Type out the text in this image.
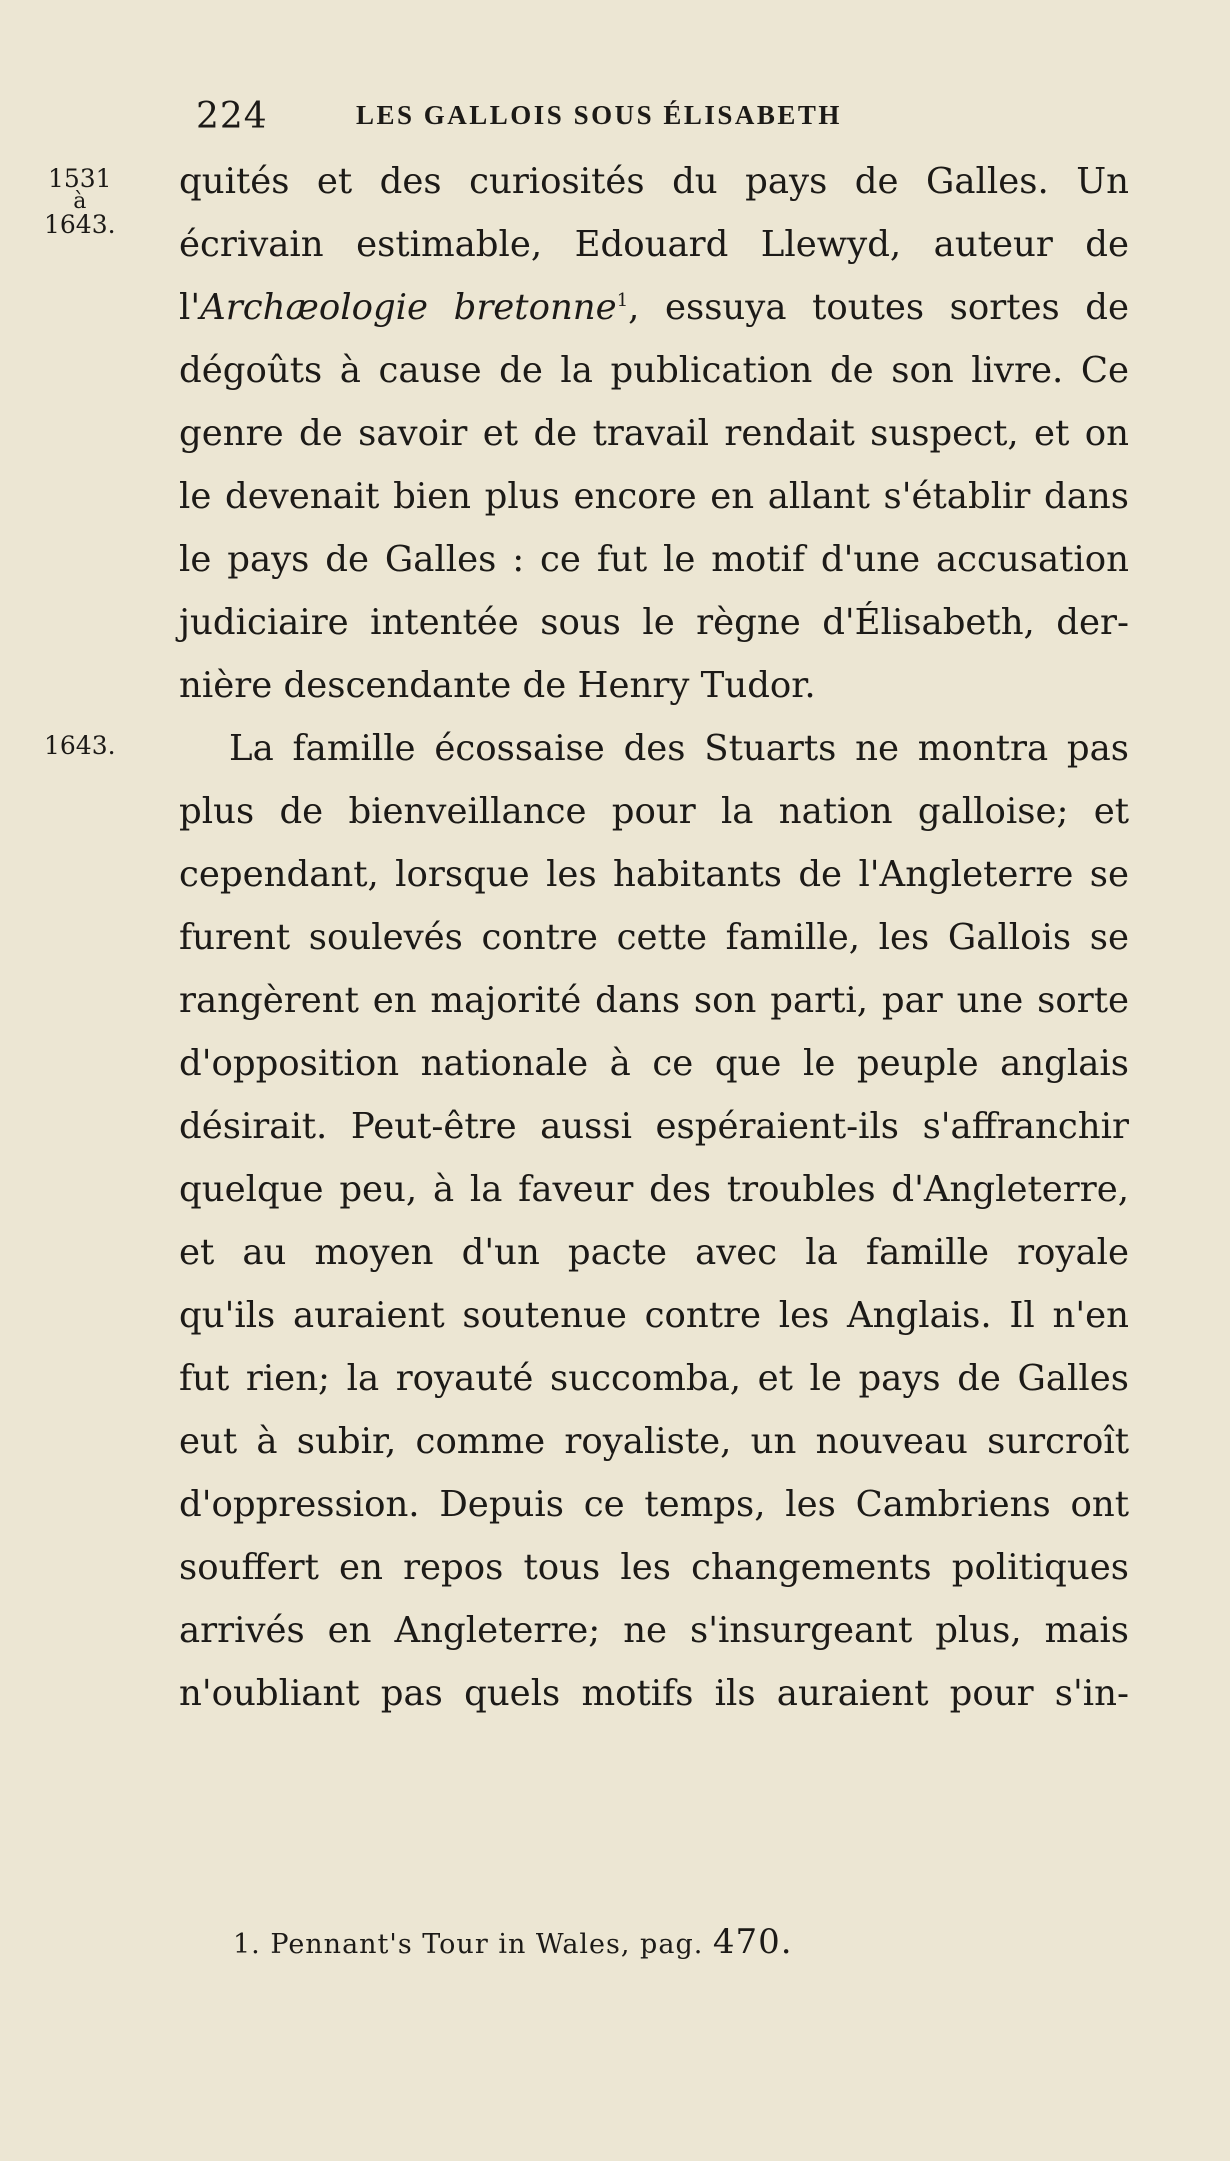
224	LES GALLOIS SOUS ÉLISABETH
1531
à
1643.
1643.
quités et des curiosités du pays de Galles. Un
écrivain estimable, Edouard Llewyd, auteur de
l'Archæologie bretonne$^1$, essuya toutes sortes de
dégoûts à cause de la publication de son livre. Ce
genre de savoir et de travail rendait suspect, et on
le devenait bien plus encore en allant s'établir dans
le pays de Galles : ce fut le motif d'une accusation
judiciaire intentée sous le règne d'Élisabeth, der-
nière descendante de Henry Tudor.
La famille écossaise des Stuarts ne montra pas
plus de bienveillance pour la nation galloise; et
cependant, lorsque les habitants de l'Angleterre se
furent soulevés contre cette famille, les Gallois se
rangèrent en majorité dans son parti, par une sorte
d'opposition nationale à ce que le peuple anglais
désirait. Peut-être aussi espéraient-ils s'affranchir
quelque peu, à la faveur des troubles d'Angleterre,
et au moyen d'un pacte avec la famille royale
qu'ils auraient soutenue contre les Anglais. Il n'en
fut rien; la royauté succomba, et le pays de Galles
eut à subir, comme royaliste, un nouveau surcroît
d'oppression. Depuis ce temps, les Cambriens ont
souffert en repos tous les changements politiques
arrivés en Angleterre; ne s'insurgeant plus, mais
n'oubliant pas quels motifs ils auraient pour s'in-
1. Pennant's Tour in Wales, pag. 470.
